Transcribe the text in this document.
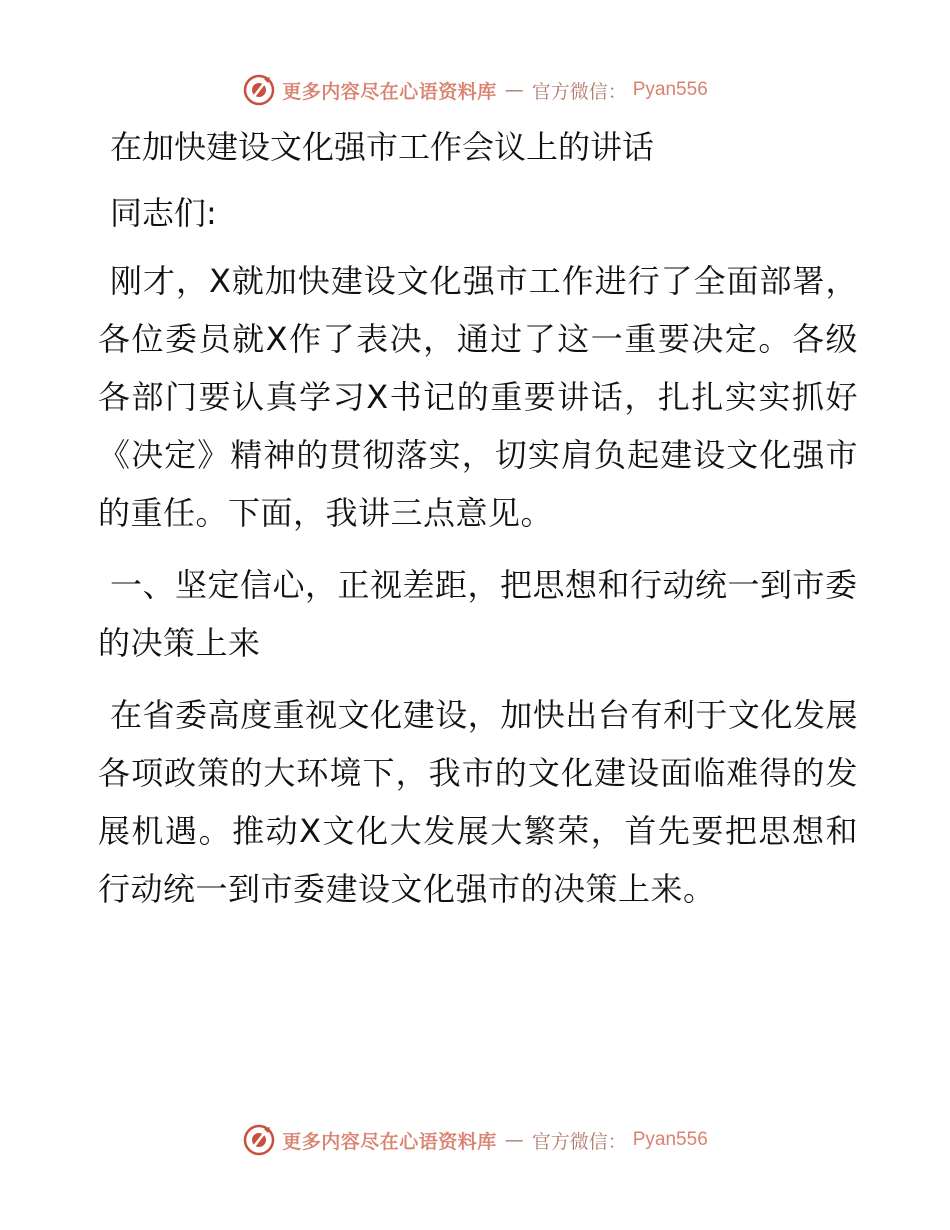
更多内容尽在心语资料库 — 官方微信： Pyan556
在加快建设文化强市工作会议上的讲话

同志们:

刚才，X就加快建设文化强市工作进行了全面部署，各位委员就X作了表决，通过了这一重要决定。各级各部门要认真学习X书记的重要讲话，扎扎实实抓好《决定》精神的贯彻落实，切实肩负起建设文化强市的重任。下面，我讲三点意见。

一、坚定信心，正视差距，把思想和行动统一到市委的决策上来

在省委高度重视文化建设，加快出台有利于文化发展各项政策的大环境下，我市的文化建设面临难得的发展机遇。推动X文化大发展大繁荣，首先要把思想和行动统一到市委建设文化强市的决策上来。

更多内容尽在心语资料库 — 官方微信： Pyan556
